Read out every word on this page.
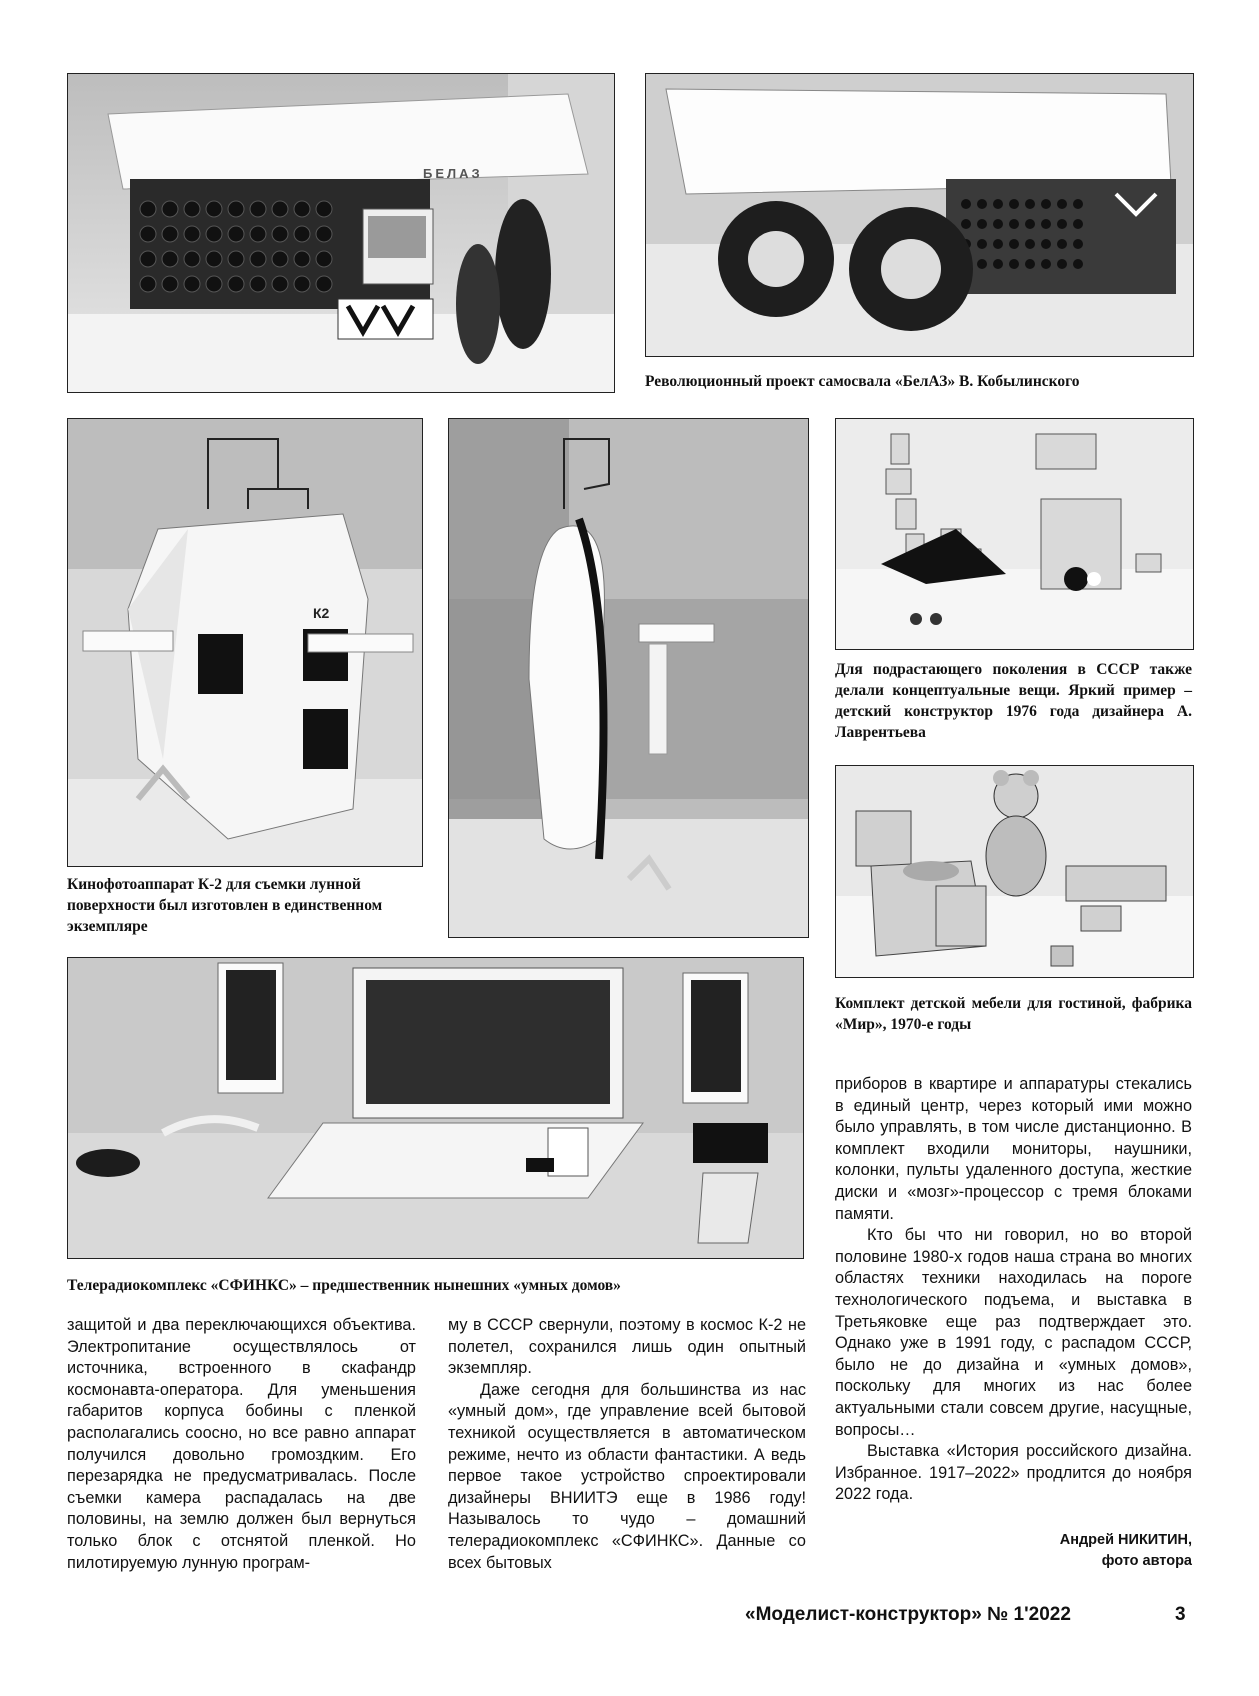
БЕЛАЗ
Революционный проект самосвала «БелАЗ» В. Кобылинского
К2
Кинофотоаппарат К-2 для съемки лунной поверхности был изготовлен в единственном экземпляре
Для подрастающего поколения в СССР также делали концептуальные вещи. Яркий пример – детский конструктор 1976 года дизайнера А. Лаврентьева
Комплект детской мебели для гостиной, фабрика «Мир», 1970-е годы
Телерадиокомплекс «СФИНКС» – предшественник нынешних «умных домов»

защитой и два переключающихся объектива. Электропитание осуществлялось от источника, встроенного в скафандр космонавта-оператора. Для уменьшения габаритов корпуса бобины с пленкой располагались соосно, но все равно аппарат получился довольно громоздким. Его перезарядка не предусматривалась. После съемки камера распадалась на две половины, на землю должен был вернуться только блок с отснятой пленкой. Но пилотируемую лунную програм-

му в СССР свернули, поэтому в космос К-2 не полетел, сохранился лишь один опытный экземпляр.

Даже сегодня для большинства из нас «умный дом», где управление всей бытовой техникой осуществляется в автоматическом режиме, нечто из области фантастики. А ведь первое такое устройство спроектировали дизайнеры ВНИИТЭ еще в 1986 году! Называлось то чудо – домашний телерадиокомплекс «СФИНКС». Данные со всех бытовых

приборов в квартире и аппаратуры стекались в единый центр, через который ими можно было управлять, в том числе дистанционно. В комплект входили мониторы, наушники, колонки, пульты удаленного доступа, жесткие диски и «мозг»-процессор с тремя блоками памяти.

Кто бы что ни говорил, но во второй половине 1980-х годов наша страна во многих областях техники находилась на пороге технологического подъема, и выставка в Третьяковке еще раз подтверждает это. Однако уже в 1991 году, с распадом СССР, было не до дизайна и «умных домов», поскольку для многих из нас более актуальными стали совсем другие, насущные, вопросы…

Выставка «История российского дизайна. Избранное. 1917–2022» продлится до ноября 2022 года.

Андрей НИКИТИН,
фото автора
«Моделист-конструктор» № 1'2022	3
